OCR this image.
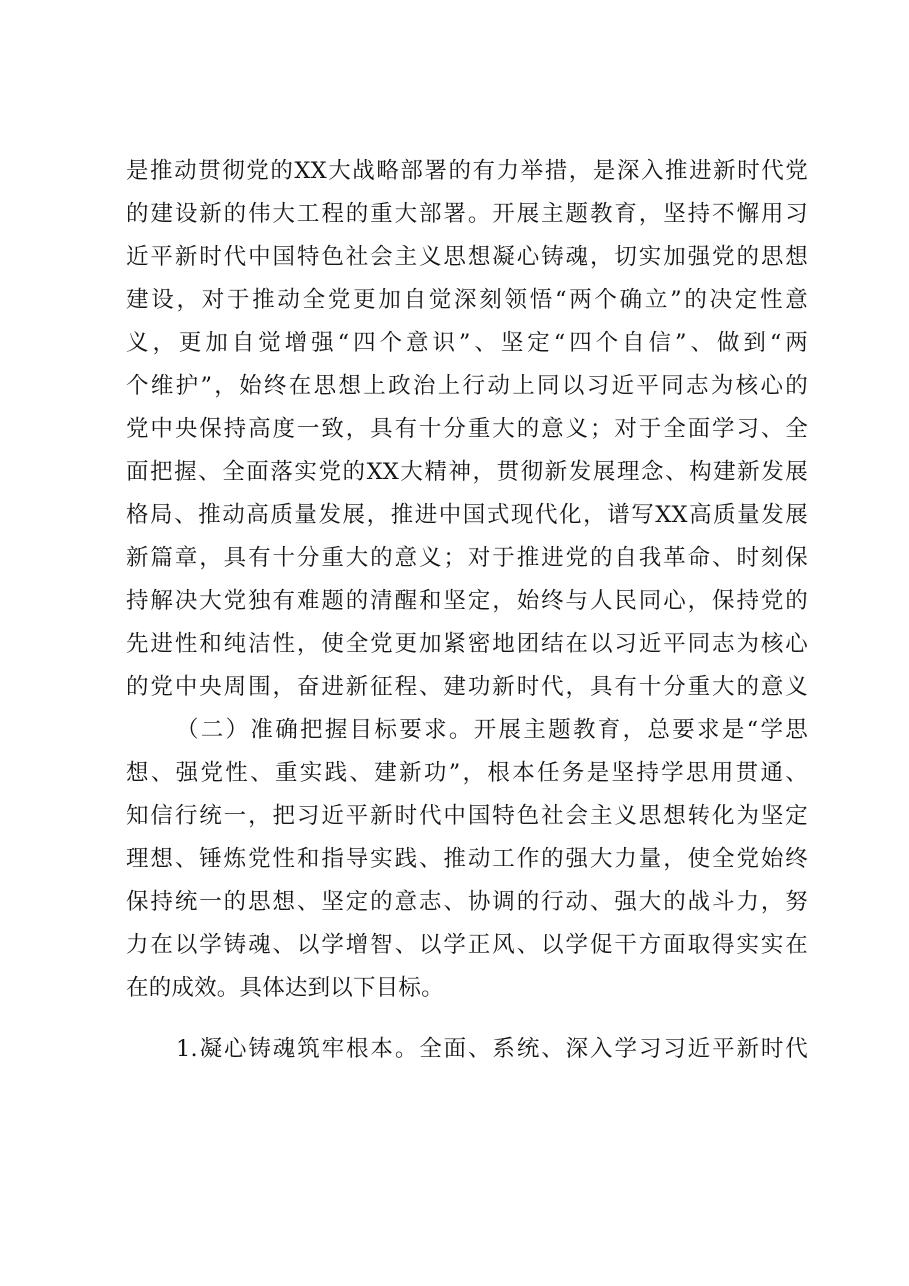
是推动贯彻党的XX大战略部署的有力举措，是深入推进新时代党
的建设新的伟大工程的重大部署。开展主题教育，坚持不懈用习
近平新时代中国特色社会主义思想凝心铸魂，切实加强党的思想
建设，对于推动全党更加自觉深刻领悟“两个确立”的决定性意
义，更加自觉增强“四个意识”、坚定“四个自信”、做到“两
个维护”，始终在思想上政治上行动上同以习近平同志为核心的
党中央保持高度一致，具有十分重大的意义；对于全面学习、全
面把握、全面落实党的XX大精神，贯彻新发展理念、构建新发展
格局、推动高质量发展，推进中国式现代化，谱写XX高质量发展
新篇章，具有十分重大的意义；对于推进党的自我革命、时刻保
持解决大党独有难题的清醒和坚定，始终与人民同心，保持党的
先进性和纯洁性，使全党更加紧密地团结在以习近平同志为核心
的党中央周围，奋进新征程、建功新时代，具有十分重大的意义

（二）准确把握目标要求。开展主题教育，总要求是“学思
想、强党性、重实践、建新功”，根本任务是坚持学思用贯通、
知信行统一，把习近平新时代中国特色社会主义思想转化为坚定
理想、锤炼党性和指导实践、推动工作的强大力量，使全党始终
保持统一的思想、坚定的意志、协调的行动、强大的战斗力，努
力在以学铸魂、以学增智、以学正风、以学促干方面取得实实在
在的成效。具体达到以下目标。

1.凝心铸魂筑牢根本。全面、系统、深入学习习近平新时代
